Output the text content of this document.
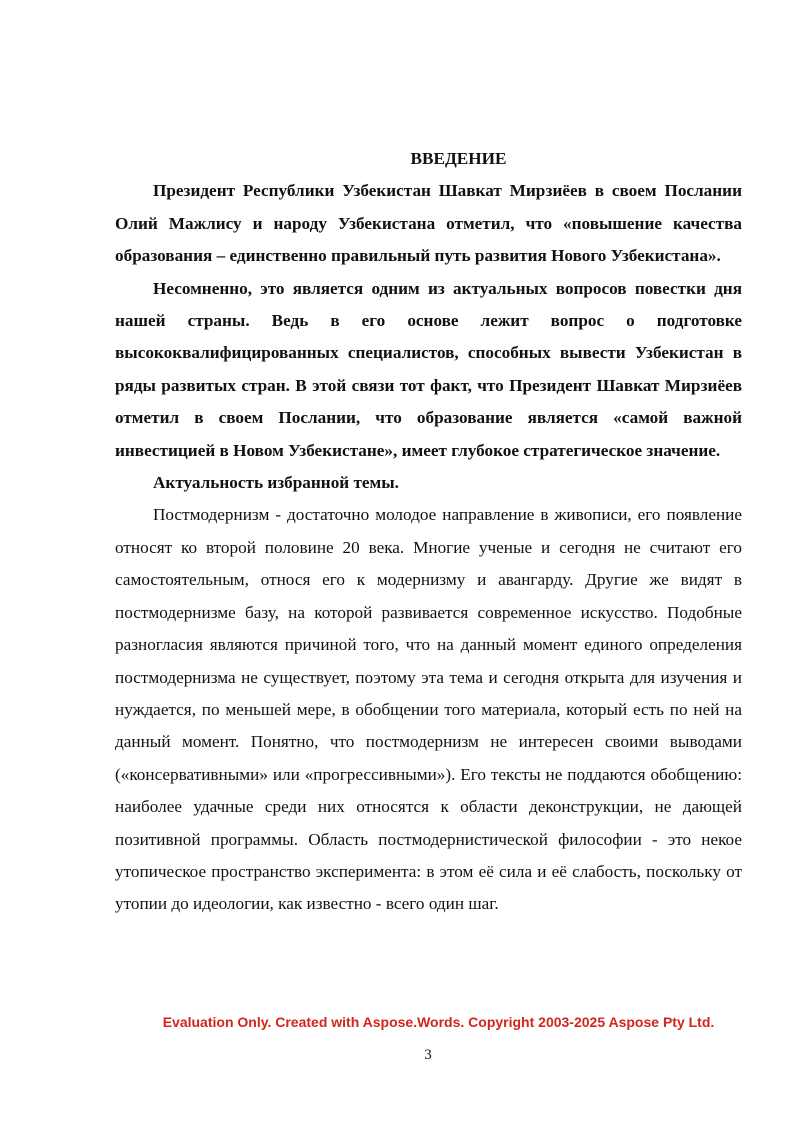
ВВЕДЕНИЕ

Президент Республики Узбекистан Шавкат Мирзиёев в своем Послании Олий Мажлису и народу Узбекистана отметил, что «повышение качества образования – единственно правильный путь развития Нового Узбекистана».

Несомненно, это является одним из актуальных вопросов повестки дня нашей страны. Ведь в его основе лежит вопрос о подготовке высококвалифицированных специалистов, способных вывести Узбекистан в ряды развитых стран. В этой связи тот факт, что Президент Шавкат Мирзиёев отметил в своем Послании, что образование является «самой важной инвестицией в Новом Узбекистане», имеет глубокое стратегическое значение.

Актуальность избранной темы.

Постмодернизм - достаточно молодое направление в живописи, его появление относят ко второй половине 20 века. Многие ученые и сегодня не считают его самостоятельным, относя его к модернизму и авангарду. Другие же видят в постмодернизме базу, на которой развивается современное искусство. Подобные разногласия являются причиной того, что на данный момент единого определения постмодернизма не существует, поэтому эта тема и сегодня открыта для изучения и нуждается, по меньшей мере, в обобщении того материала, который есть по ней на данный момент. Понятно, что постмодернизм не интересен своими выводами («консервативными» или «прогрессивными»). Его тексты не поддаются обобщению: наиболее удачные среди них относятся к области деконструкции, не дающей позитивной программы. Область постмодернистической философии - это некое утопическое пространство эксперимента: в этом её сила и её слабость, поскольку от утопии до идеологии, как известно - всего один шаг.

Evaluation Only. Created with Aspose.Words. Copyright 2003-2025 Aspose Pty Ltd.
3
